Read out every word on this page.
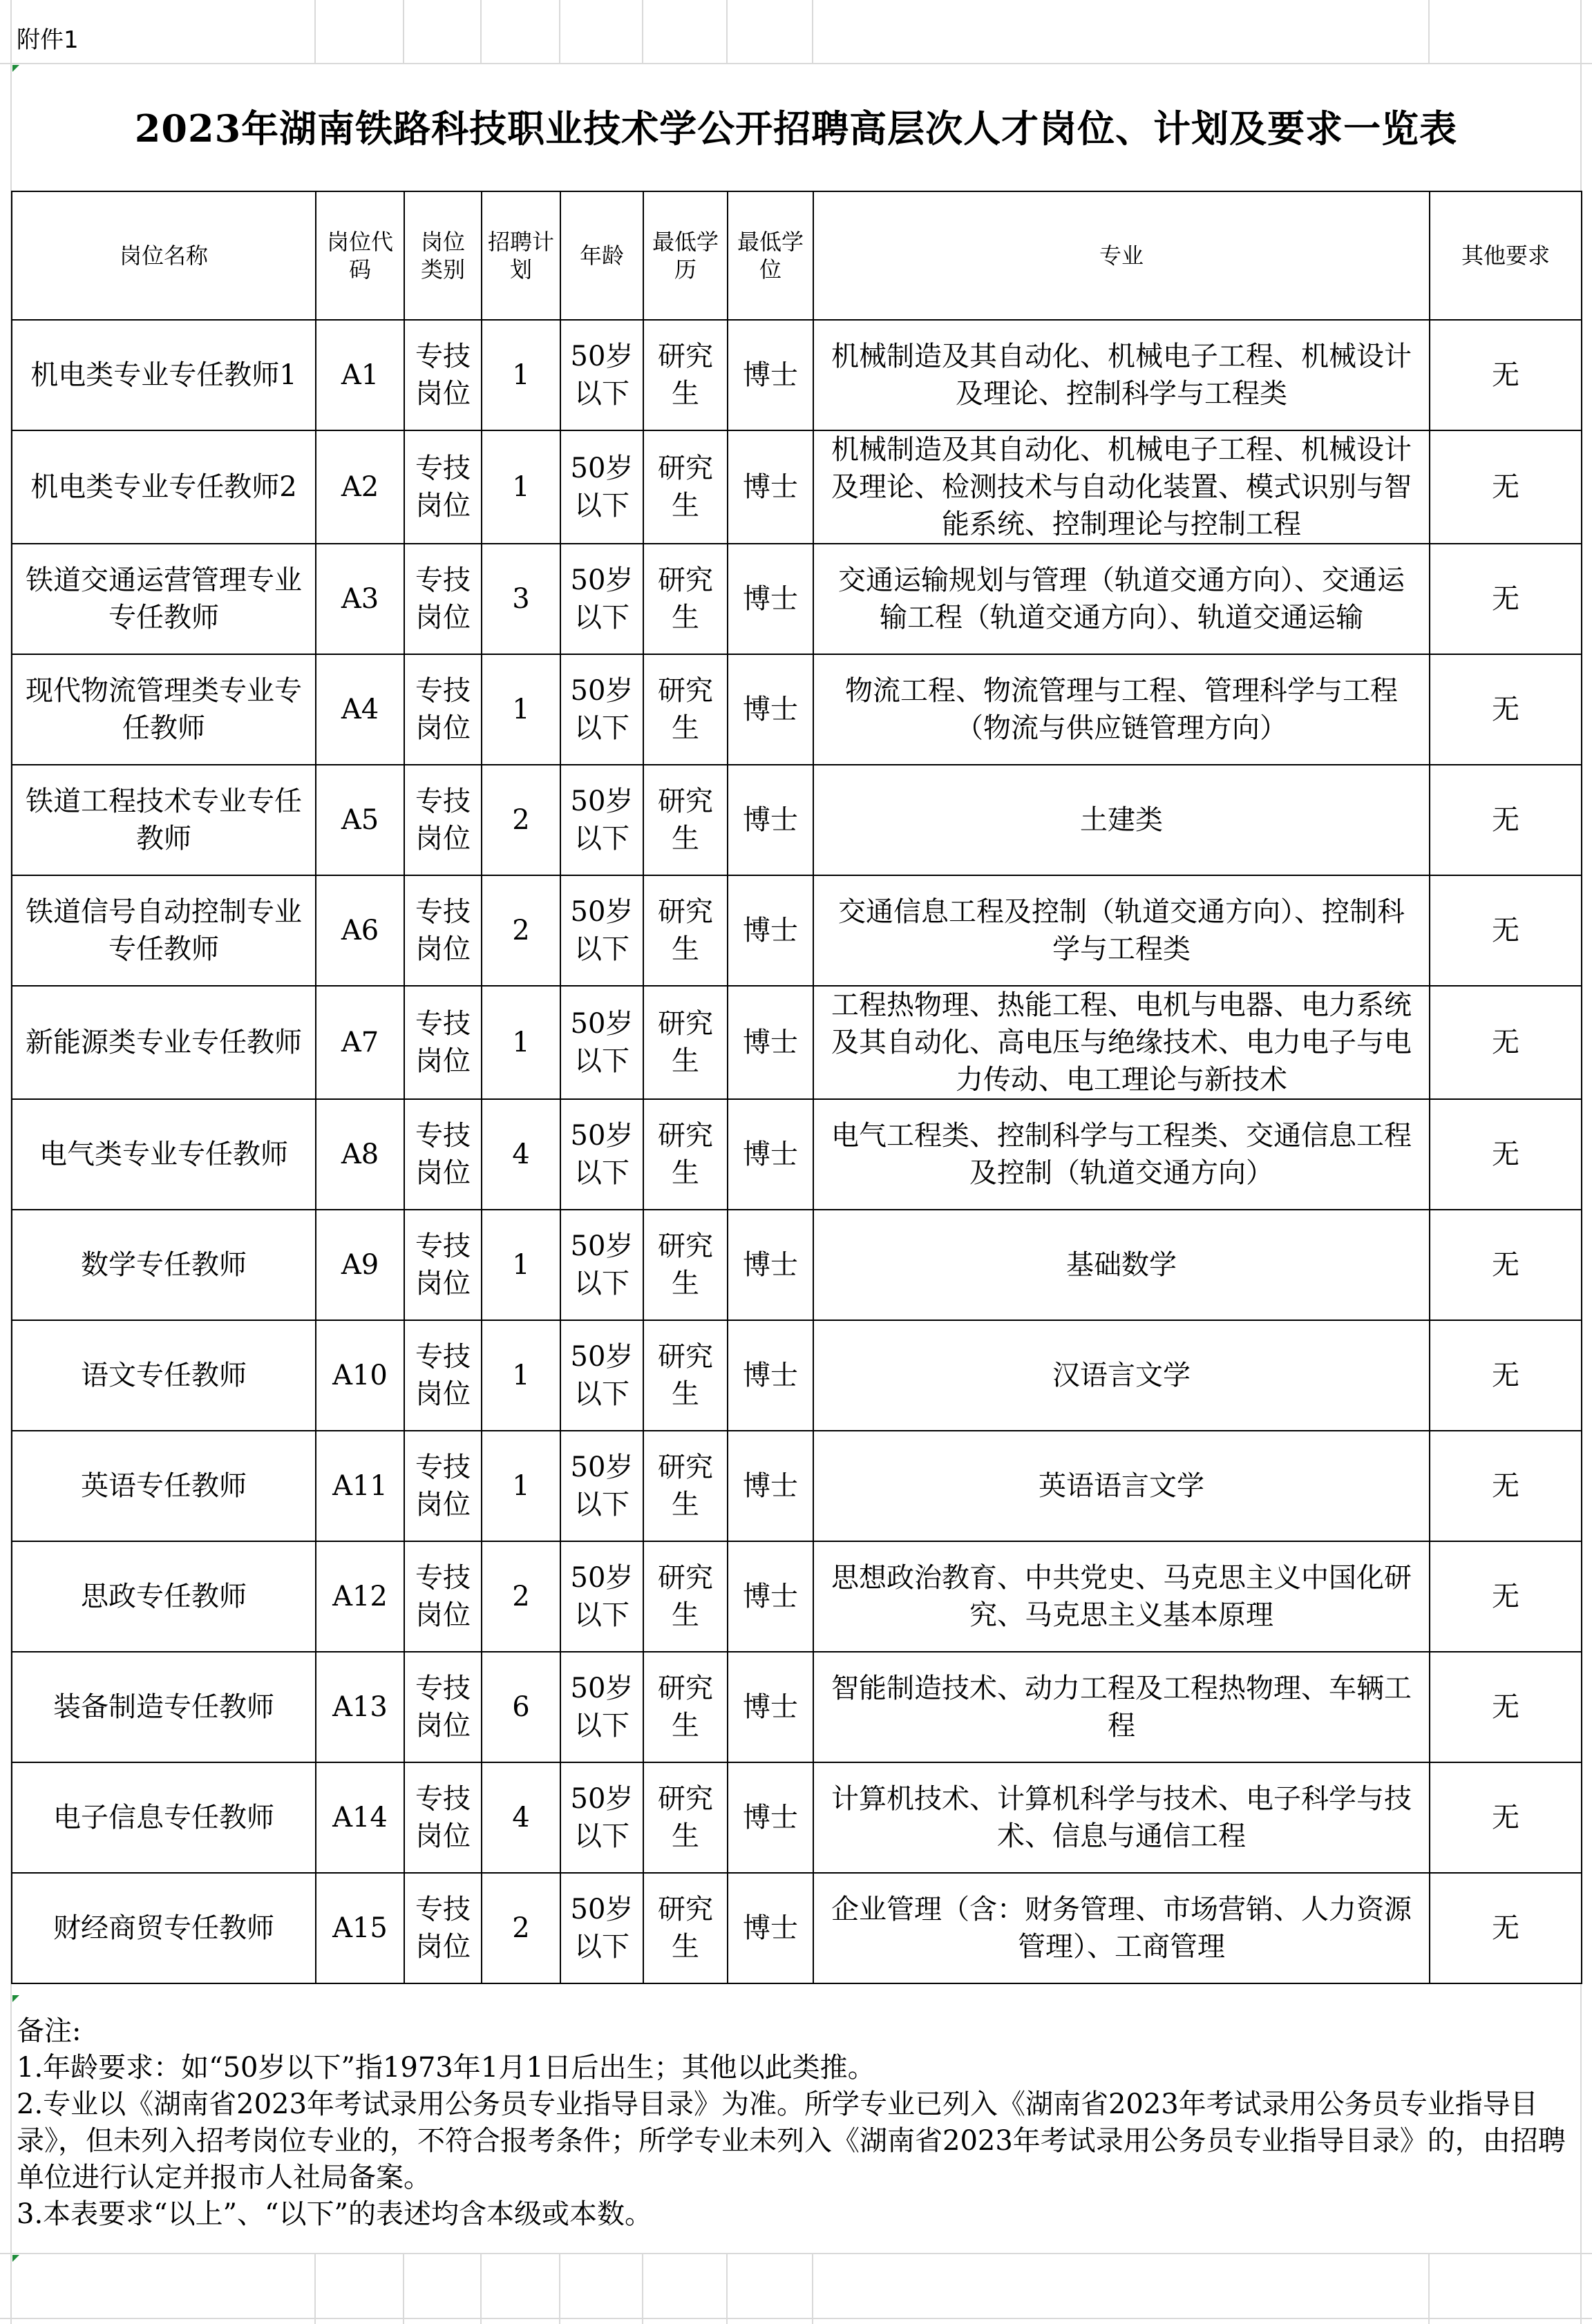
附件1
2023年湖南铁路科技职业技术学公开招聘高层次人才岗位、计划及要求一览表
岗位名称	岗位代码	岗位类别	招聘计划	年龄	最低学历	最低学位	专业	其他要求
机电类专业专任教师1	A1	专技岗位	1	50岁以下	研究生	博士	机械制造及其自动化、机械电子工程、机械设计及理论、控制科学与工程类	无
机电类专业专任教师2	A2	专技岗位	1	50岁以下	研究生	博士	机械制造及其自动化、机械电子工程、机械设计及理论、检测技术与自动化装置、模式识别与智能系统、控制理论与控制工程	无
铁道交通运营管理专业专任教师	A3	专技岗位	3	50岁以下	研究生	博士	交通运输规划与管理（轨道交通方向）、交通运输工程（轨道交通方向）、轨道交通运输	无
现代物流管理类专业专任教师	A4	专技岗位	1	50岁以下	研究生	博士	物流工程、物流管理与工程、管理科学与工程（物流与供应链管理方向）	无
铁道工程技术专业专任教师	A5	专技岗位	2	50岁以下	研究生	博士	土建类	无
铁道信号自动控制专业专任教师	A6	专技岗位	2	50岁以下	研究生	博士	交通信息工程及控制（轨道交通方向）、控制科学与工程类	无
新能源类专业专任教师	A7	专技岗位	1	50岁以下	研究生	博士	工程热物理、热能工程、电机与电器、电力系统及其自动化、高电压与绝缘技术、电力电子与电力传动、电工理论与新技术	无
电气类专业专任教师	A8	专技岗位	4	50岁以下	研究生	博士	电气工程类、控制科学与工程类、交通信息工程及控制（轨道交通方向）	无
数学专任教师	A9	专技岗位	1	50岁以下	研究生	博士	基础数学	无
语文专任教师	A10	专技岗位	1	50岁以下	研究生	博士	汉语言文学	无
英语专任教师	A11	专技岗位	1	50岁以下	研究生	博士	英语语言文学	无
思政专任教师	A12	专技岗位	2	50岁以下	研究生	博士	思想政治教育、中共党史、马克思主义中国化研究、马克思主义基本原理	无
装备制造专任教师	A13	专技岗位	6	50岁以下	研究生	博士	智能制造技术、动力工程及工程热物理、车辆工程	无
电子信息专任教师	A14	专技岗位	4	50岁以下	研究生	博士	计算机技术、计算机科学与技术、电子科学与技术、信息与通信工程	无
财经商贸专任教师	A15	专技岗位	2	50岁以下	研究生	博士	企业管理（含：财务管理、市场营销、人力资源管理）、工商管理	无
备注:
1.年龄要求：如“50岁以下”指1973年1月1日后出生；其他以此类推。
2.专业以《湖南省2023年考试录用公务员专业指导目录》为准。所学专业已列入《湖南省2023年考试录用公务员专业指导目录》，但未列入招考岗位专业的，不符合报考条件；所学专业未列入《湖南省2023年考试录用公务员专业指导目录》的，由招聘单位进行认定并报市人社局备案。
3.本表要求“以上”、“以下”的表述均含本级或本数。
